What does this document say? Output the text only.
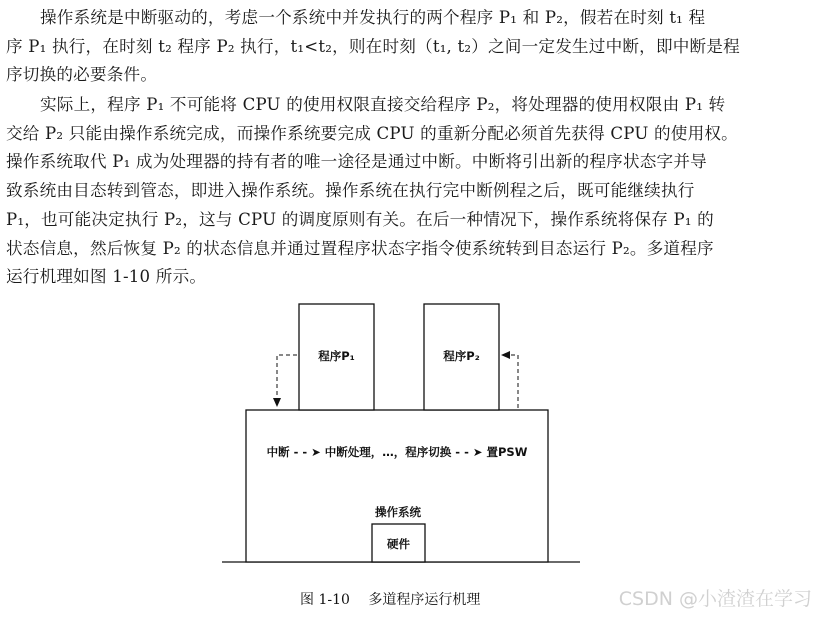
操作系统是中断驱动的，考虑一个系统中并发执行的两个程序 P₁ 和 P₂，假若在时刻 t₁ 程
序 P₁ 执行，在时刻 t₂ 程序 P₂ 执行，t₁<t₂，则在时刻（t₁, t₂）之间一定发生过中断，即中断是程
序切换的必要条件。
实际上，程序 P₁ 不可能将 CPU 的使用权限直接交给程序 P₂，将处理器的使用权限由 P₁ 转
交给 P₂ 只能由操作系统完成，而操作系统要完成 CPU 的重新分配必须首先获得 CPU 的使用权。
操作系统取代 P₁ 成为处理器的持有者的唯一途径是通过中断。中断将引出新的程序状态字并导
致系统由目态转到管态，即进入操作系统。操作系统在执行完中断例程之后，既可能继续执行
P₁，也可能决定执行 P₂，这与 CPU 的调度原则有关。在后一种情况下，操作系统将保存 P₁ 的
状态信息，然后恢复 P₂ 的状态信息并通过置程序状态字指令使系统转到目态运行 P₂。多道程序
运行机理如图 1-10 所示。
程序P₁	程序P₂
中断 - - ➤ 中断处理，…，程序切换 - - ➤ 置PSW
操作系统
硬件
图 1-10 多道程序运行机理	CSDN @小渣渣在学习
